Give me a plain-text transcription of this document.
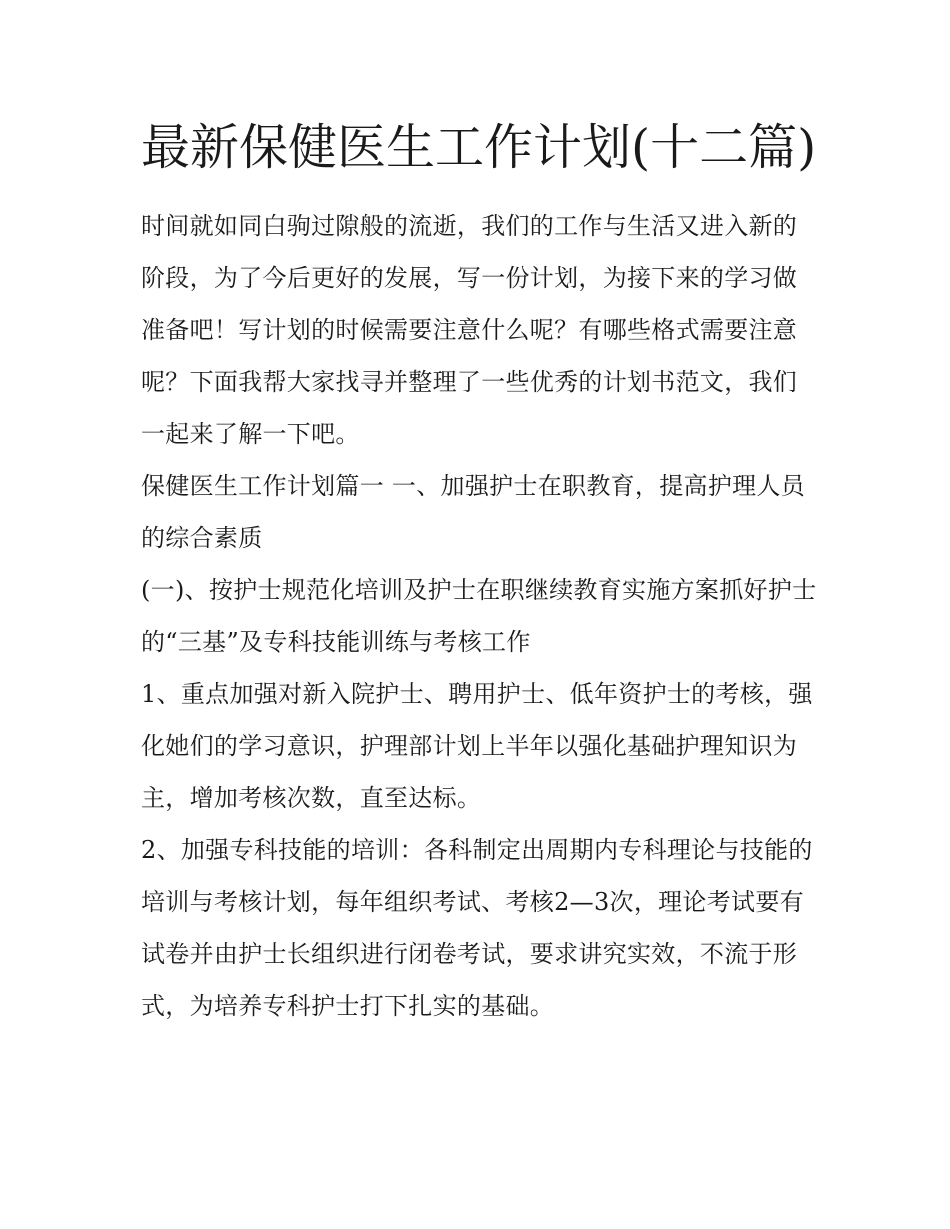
最新保健医生工作计划(十二篇)

时间就如同白驹过隙般的流逝，我们的工作与生活又进入新的阶段，为了今后更好的发展，写一份计划，为接下来的学习做准备吧！写计划的时候需要注意什么呢？有哪些格式需要注意呢？下面我帮大家找寻并整理了一些优秀的计划书范文，我们一起来了解一下吧。

保健医生工作计划篇一 一、加强护士在职教育，提高护理人员的综合素质

(一)、按护士规范化培训及护士在职继续教育实施方案抓好护士的“三基”及专科技能训练与考核工作

1、重点加强对新入院护士、聘用护士、低年资护士的考核，强化她们的学习意识，护理部计划上半年以强化基础护理知识为主，增加考核次数，直至达标。

2、加强专科技能的培训：各科制定出周期内专科理论与技能的培训与考核计划，每年组织考试、考核2—3次，理论考试要有试卷并由护士长组织进行闭卷考试，要求讲究实效，不流于形式，为培养专科护士打下扎实的基础。
